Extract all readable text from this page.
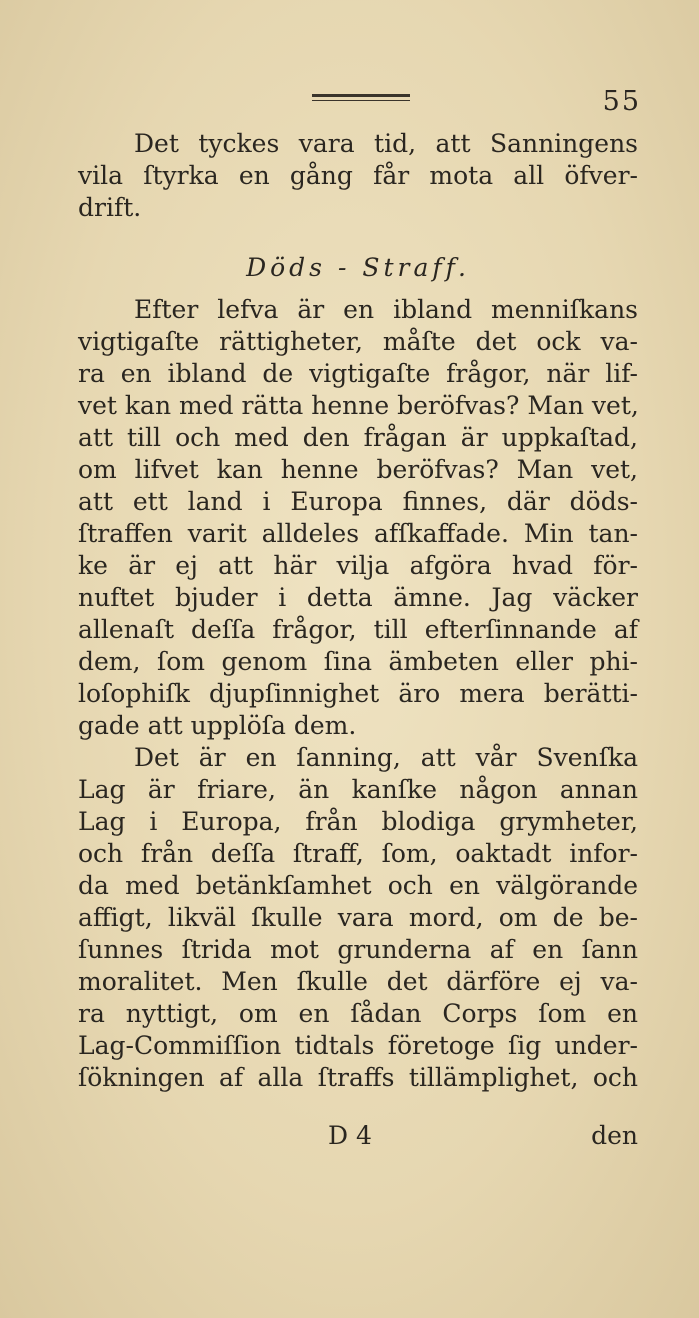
55
Det tyckes vara tid, att Sanningens
vila ſtyrka en gång får mota all öfver-
drift.
Döds - Straff.
Efter lefva är en ibland menniſkans
vigtigaſte rättigheter, måſte det ock va-
ra en ibland de vigtigaſte frågor, när lif-
vet kan med rätta henne beröfvas? Man vet,
att till och med den frågan är uppkaſtad,
om lifvet kan henne beröfvas? Man vet,
att ett land i Europa finnes, där döds-
ſtraffen varit alldeles afſkaffade. Min tan-
ke är ej att här vilja afgöra hvad för-
nuftet bjuder i detta ämne. Jag väcker
allenaſt deſſa frågor, till efterſinnande af
dem, ſom genom ſina ämbeten eller phi-
loſophiſk djupſinnighet äro mera berätti-
gade att upplöſa dem.
Det är en ſanning, att vår Svenſka
Lag är friare, än kanſke någon annan
Lag i Europa, från blodiga grymheter,
och från deſſa ſtraff, ſom, oaktadt infor-
da med betänkſamhet och en välgörande
affigt, likväl ſkulle vara mord, om de be-
ſunnes ſtrida mot grunderna af en ſann
moralitet. Men ſkulle det därföre ej va-
ra nyttigt, om en ſådan Corps ſom en
Lag-Commiſſion tidtals företoge ſig under-
ſökningen af alla ſtraffs tillämplighet, och
D 4	den
